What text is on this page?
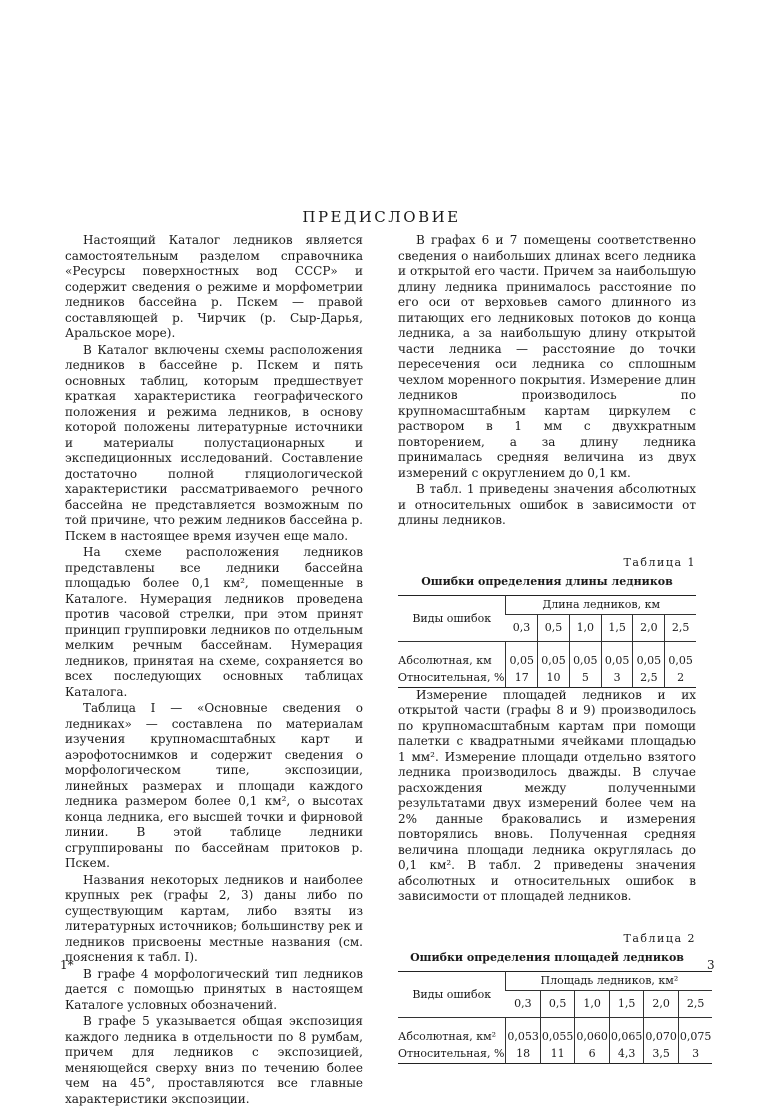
ПРЕДИСЛОВИЕ

Настоящий Каталог ледников является самостоятельным разделом справочника «Ресурсы поверхностных вод СССР» и содержит сведения о режиме и морфометрии ледников бассейна р. Пскем — правой составляющей р. Чирчик (р. Сыр-Дарья, Аральское море).

В Каталог включены схемы расположения ледников в бассейне р. Пскем и пять основных таблиц, которым предшествует краткая характеристика географического положения и режима ледников, в основу которой положены литературные источники и материалы полустационарных и экспедиционных исследований. Составление достаточно полной гляциологической характеристики рассматриваемого речного бассейна не представляется возможным по той причине, что режим ледников бассейна р. Пскем в настоящее время изучен еще мало.

На схеме расположения ледников представлены все ледники бассейна площадью более 0,1 км², помещенные в Каталоге. Нумерация ледников проведена против часовой стрелки, при этом принят принцип группировки ледников по отдельным мелким речным бассейнам. Нумерация ледников, принятая на схеме, сохраняется во всех последующих основных таблицах Каталога.

Таблица I — «Основные сведения о ледниках» — составлена по материалам изучения крупномасштабных карт и аэрофотоснимков и содержит сведения о морфологическом типе, экспозиции, линейных размерах и площади каждого ледника размером более 0,1 км², о высотах конца ледника, его высшей точки и фирновой линии. В этой таблице ледники сгруппированы по бассейнам притоков р. Пскем.

Названия некоторых ледников и наиболее крупных рек (графы 2, 3) даны либо по существующим картам, либо взяты из литературных источников; большинству рек и ледников присвоены местные названия (см. пояснения к табл. I).

В графе 4 морфологический тип ледников дается с помощью принятых в настоящем Каталоге условных обозначений.

В графе 5 указывается общая экспозиция каждого ледника в отдельности по 8 румбам, причем для ледников с экспозицией, меняющейся сверху вниз по течению более чем на 45°, проставляются все главные характеристики экспозиции.

В графах 6 и 7 помещены соответственно сведения о наибольших длинах всего ледника и открытой его части. Причем за наибольшую длину ледника принималось расстояние по его оси от верховьев самого длинного из питающих его ледниковых потоков до конца ледника, а за наибольшую длину открытой части ледника — расстояние до точки пересечения оси ледника со сплошным чехлом моренного покрытия. Измерение длин ледников производилось по крупномасштабным картам циркулем с раствором в 1 мм с двухкратным повторением, а за длину ледника принималась средняя величина из двух измерений с округлением до 0,1 км.

В табл. 1 приведены значения абсолютных и относительных ошибок в зависимости от длины ледников.

Таблица 1
Ошибки определения длины ледников
Виды ошибок	Длина ледников, км					
	0,3	0,5	1,0	1,5	2,0	2,5
Абсолютная, км	0,05	0,05	0,05	0,05	0,05	0,05
Относительная, %	17	10	5	3	2,5	2

Измерение площадей ледников и их открытой части (графы 8 и 9) производилось по крупномасштабным картам при помощи палетки с квадратными ячейками площадью 1 мм². Измерение площади отдельно взятого ледника производилось дважды. В случае расхождения между полученными результатами двух измерений более чем на 2% данные браковались и измерения повторялись вновь. Полученная средняя величина площади ледника округлялась до 0,1 км². В табл. 2 приведены значения абсолютных и относительных ошибок в зависимости от площадей ледников.

Таблица 2
Ошибки определения площадей ледников
Виды ошибок	Площадь ледников, км²					
	0,3	0,5	1,0	1,5	2,0	2,5
Абсолютная, км²	0,053	0,055	0,060	0,065	0,070	0,075
Относительная, %	18	11	6	4,3	3,5	3
1*	3
